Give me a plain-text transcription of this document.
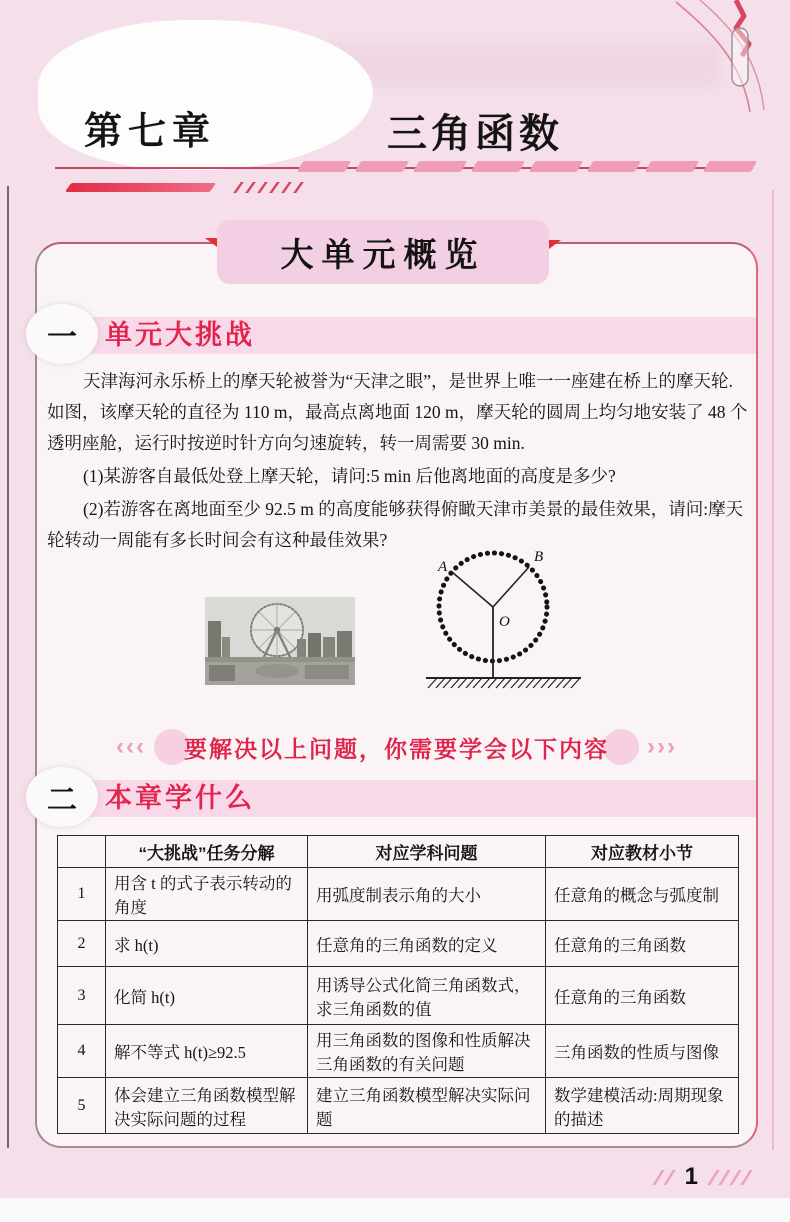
第七章	三角函数
大单元概览
一	单元大挑战

天津海河永乐桥上的摩天轮被誉为“天津之眼”，是世界上唯一一座建在桥上的摩天轮.如图，该摩天轮的直径为 110 m，最高点离地面 120 m，摩天轮的圆周上均匀地安装了 48 个透明座舱，运行时按逆时针方向匀速旋转，转一周需要 30 min.

(1)某游客自最低处登上摩天轮，请问:5 min 后他离地面的高度是多少?

(2)若游客在离地面至少 92.5 m 的高度能够获得俯瞰天津市美景的最佳效果，请问:摩天轮转动一周能有多长时间会有这种最佳效果?

A
B
O
‹‹‹ 要解决以上问题，你需要学会以下内容 ›››
二	本章学什么
	“大挑战”任务分解	对应学科问题	对应教材小节
1	用含 t 的式子表示转动的角度	用弧度制表示角的大小	任意角的概念与弧度制
2	求 h(t)	任意角的三角函数的定义	任意角的三角函数
3	化简 h(t)	用诱导公式化简三角函数式，求三角函数的值	任意角的三角函数
4	解不等式 h(t)≥92.5	用三角函数的图像和性质解决三角函数的有关问题	三角函数的性质与图像
5	体会建立三角函数模型解决实际问题的过程	建立三角函数模型解决实际问题	数学建模活动:周期现象的描述
1
